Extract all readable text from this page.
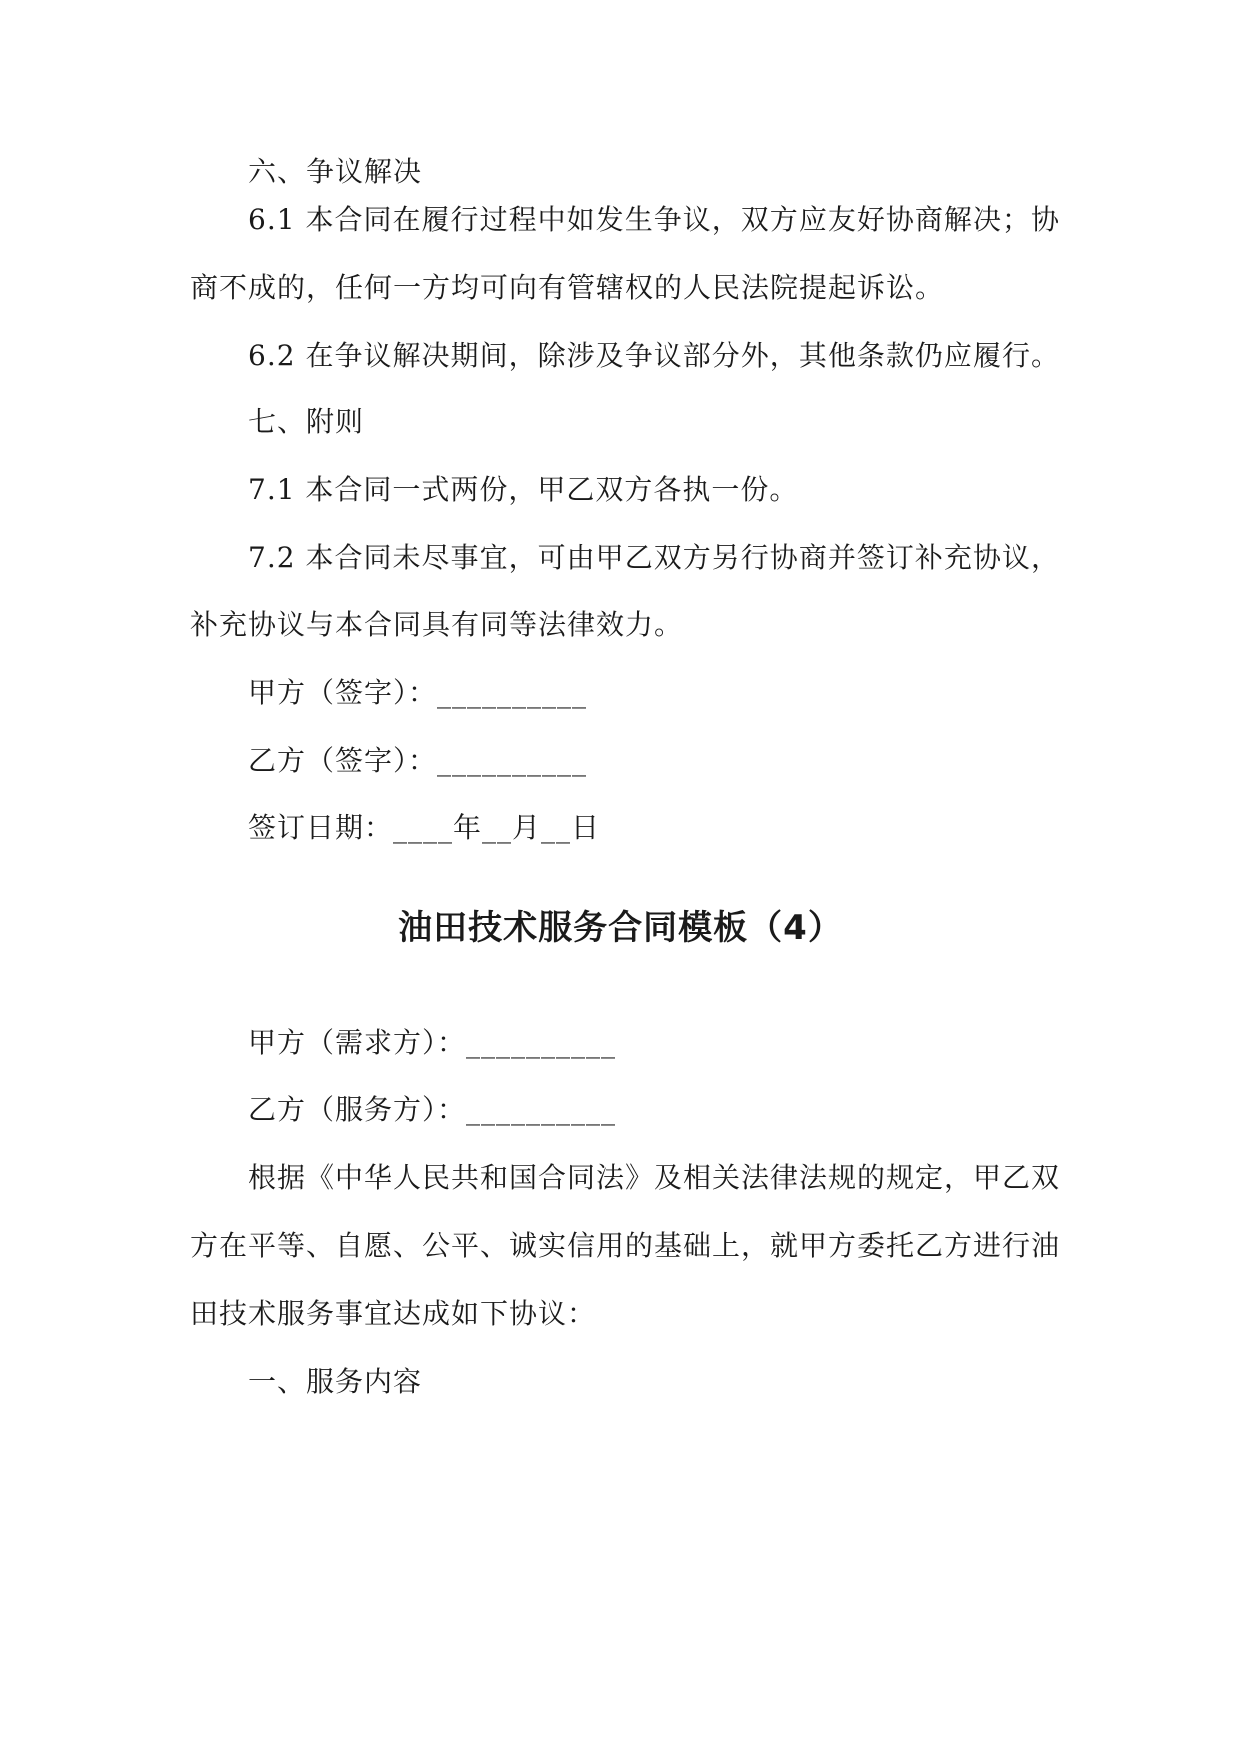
六、争议解决
6.1 本合同在履行过程中如发生争议，双方应友好协商解决；协
商不成的，任何一方均可向有管辖权的人民法院提起诉讼。
6.2 在争议解决期间，除涉及争议部分外，其他条款仍应履行。
七、附则
7.1 本合同一式两份，甲乙双方各执一份。
7.2 本合同未尽事宜，可由甲乙双方另行协商并签订补充协议，
补充协议与本合同具有同等法律效力。
甲方（签字）：__________
乙方（签字）：__________
签订日期：____年__月__日
油田技术服务合同模板（4）
甲方（需求方）：__________
乙方（服务方）：__________
根据《中华人民共和国合同法》及相关法律法规的规定，甲乙双
方在平等、自愿、公平、诚实信用的基础上，就甲方委托乙方进行油
田技术服务事宜达成如下协议：
一、服务内容
